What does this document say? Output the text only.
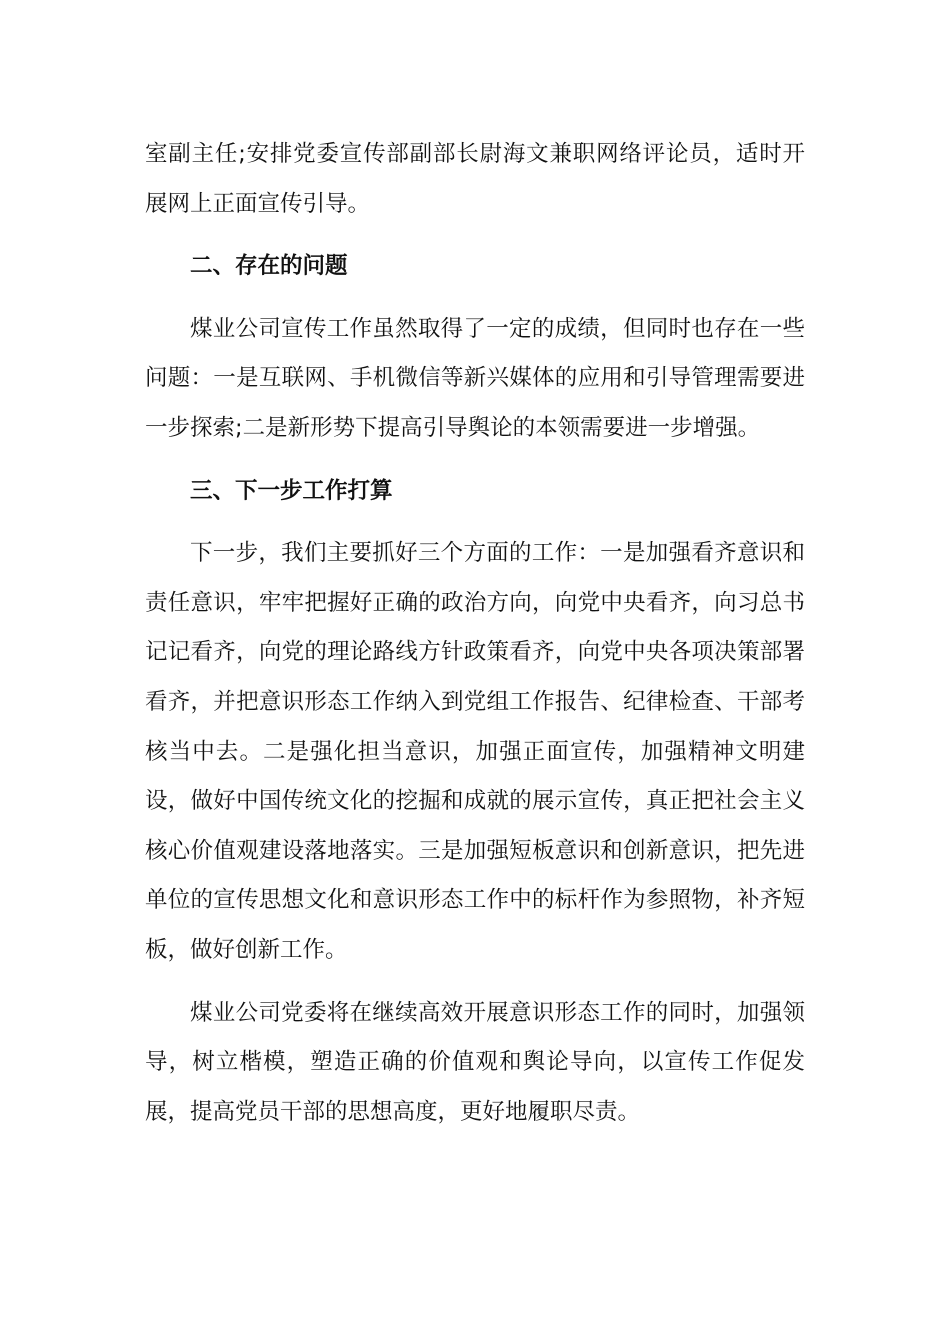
室副主任;安排党委宣传部副部长尉海文兼职网络评论员，适时开展网上正面宣传引导。

二、存在的问题

煤业公司宣传工作虽然取得了一定的成绩，但同时也存在一些问题：一是互联网、手机微信等新兴媒体的应用和引导管理需要进一步探索;二是新形势下提高引导舆论的本领需要进一步增强。

三、下一步工作打算

下一步，我们主要抓好三个方面的工作：一是加强看齐意识和责任意识，牢牢把握好正确的政治方向，向党中央看齐，向习总书记记看齐，向党的理论路线方针政策看齐，向党中央各项决策部署看齐，并把意识形态工作纳入到党组工作报告、纪律检查、干部考核当中去。二是强化担当意识，加强正面宣传，加强精神文明建设，做好中国传统文化的挖掘和成就的展示宣传，真正把社会主义核心价值观建设落地落实。三是加强短板意识和创新意识，把先进单位的宣传思想文化和意识形态工作中的标杆作为参照物，补齐短板，做好创新工作。

煤业公司党委将在继续高效开展意识形态工作的同时，加强领导，树立楷模，塑造正确的价值观和舆论导向，以宣传工作促发展，提高党员干部的思想高度，更好地履职尽责。
